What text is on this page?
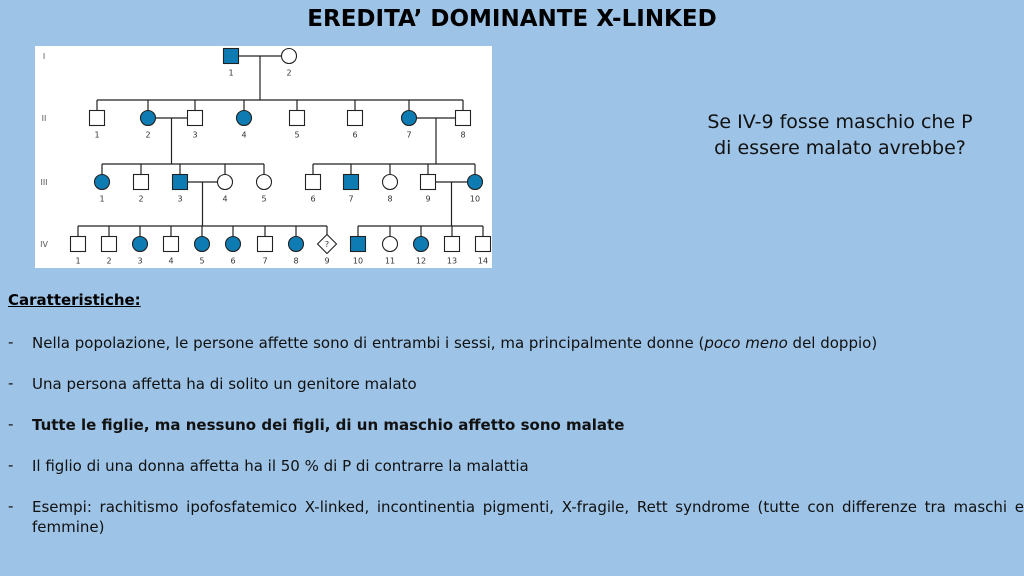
EREDITA’ DOMINANTE X-LINKED
I
1	2
II
1	2	3	4	5	6	7	8
III
1	2	3	4	5	6	7	8	9	10
IV
1	2	3	4	5	6	7	8
?
9	10	11	12	13	14
Se IV-9 fosse maschio che P di essere malato avrebbe?
Caratteristiche:
- Nella popolazione, le persone affette sono di entrambi i sessi, ma principalmente donne (poco meno del doppio)
- Una persona affetta ha di solito un genitore malato
- Tutte le figlie, ma nessuno dei figli, di un maschio affetto sono malate
- Il figlio di una donna affetta ha il 50 % di P di contrarre la malattia
- Esempi: rachitismo ipofosfatemico X-linked, incontinentia pigmenti, X-fragile, Rett syndrome (tutte con differenze tra maschi e femmine)
